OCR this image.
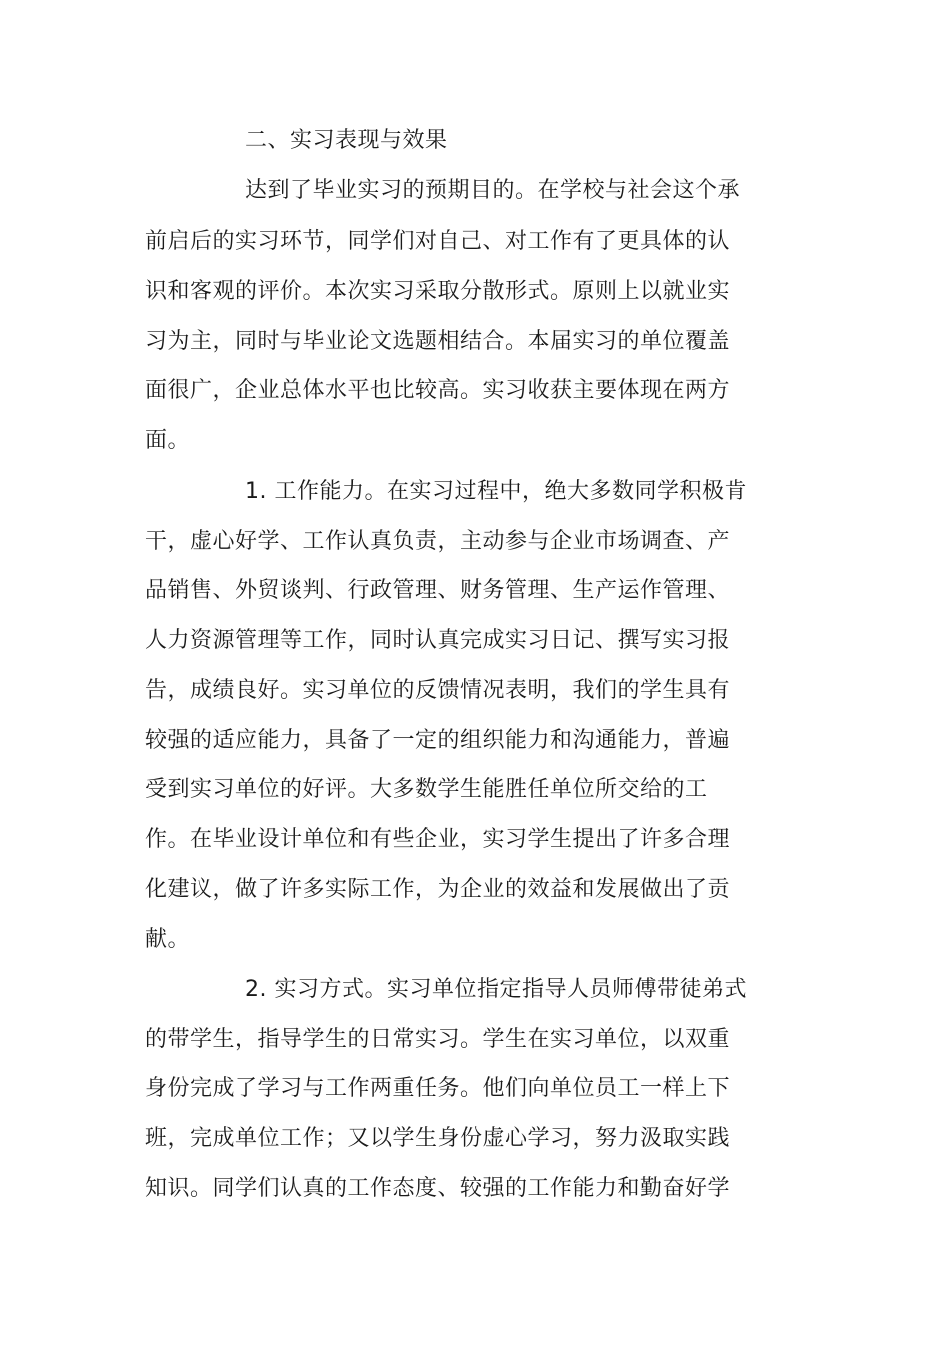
二、实习表现与效果
达到了毕业实习的预期目的。在学校与社会这个承
前启后的实习环节，同学们对自己、对工作有了更具体的认
识和客观的评价。本次实习采取分散形式。原则上以就业实
习为主，同时与毕业论文选题相结合。本届实习的单位覆盖
面很广，企业总体水平也比较高。实习收获主要体现在两方
面。
1. 工作能力。在实习过程中，绝大多数同学积极肯
干，虚心好学、工作认真负责，主动参与企业市场调查、产
品销售、外贸谈判、行政管理、财务管理、生产运作管理、
人力资源管理等工作，同时认真完成实习日记、撰写实习报
告，成绩良好。实习单位的反馈情况表明，我们的学生具有
较强的适应能力，具备了一定的组织能力和沟通能力，普遍
受到实习单位的好评。大多数学生能胜任单位所交给的工
作。在毕业设计单位和有些企业，实习学生提出了许多合理
化建议，做了许多实际工作，为企业的效益和发展做出了贡
献。
2. 实习方式。实习单位指定指导人员师傅带徒弟式
的带学生，指导学生的日常实习。学生在实习单位，以双重
身份完成了学习与工作两重任务。他们向单位员工一样上下
班，完成单位工作；又以学生身份虚心学习，努力汲取实践
知识。同学们认真的工作态度、较强的工作能力和勤奋好学
